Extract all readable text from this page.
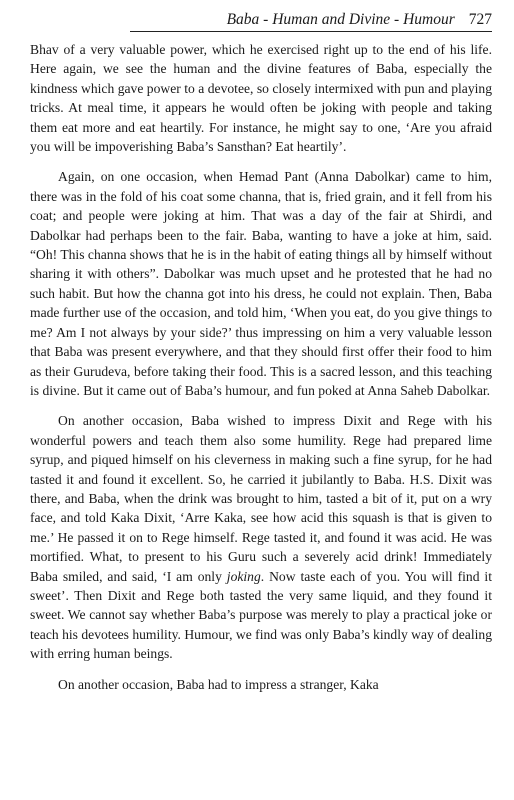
Baba - Human and Divine - Humour 727

Bhav of a very valuable power, which he exercised right up to the end of his life. Here again, we see the human and the divine features of Baba, especially the kindness which gave power to a devotee, so closely intermixed with pun and playing tricks. At meal time, it appears he would often be joking with people and taking them eat more and eat heartily. For instance, he might say to one, ‘Are you afraid you will be impoverishing Baba’s Sansthan? Eat heartily’.

Again, on one occasion, when Hemad Pant (Anna Dabolkar) came to him, there was in the fold of his coat some channa, that is, fried grain, and it fell from his coat; and people were joking at him. That was a day of the fair at Shirdi, and Dabolkar had perhaps been to the fair. Baba, wanting to have a joke at him, said. “Oh! This channa shows that he is in the habit of eating things all by himself without sharing it with others”. Dabolkar was much upset and he protested that he had no such habit. But how the channa got into his dress, he could not explain. Then, Baba made further use of the occasion, and told him, ‘When you eat, do you give things to me? Am I not always by your side?’ thus impressing on him a very valuable lesson that Baba was present everywhere, and that they should first offer their food to him as their Gurudeva, before taking their food. This is a sacred lesson, and this teaching is divine. But it came out of Baba’s humour, and fun poked at Anna Saheb Dabolkar.

On another occasion, Baba wished to impress Dixit and Rege with his wonderful powers and teach them also some humility. Rege had prepared lime syrup, and piqued himself on his cleverness in making such a fine syrup, for he had tasted it and found it excellent. So, he carried it jubilantly to Baba. H.S. Dixit was there, and Baba, when the drink was brought to him, tasted a bit of it, put on a wry face, and told Kaka Dixit, ‘Arre Kaka, see how acid this squash is that is given to me.’ He passed it on to Rege himself. Rege tasted it, and found it was acid. He was mortified. What, to present to his Guru such a severely acid drink! Immediately Baba smiled, and said, ‘I am only joking. Now taste each of you. You will find it sweet’. Then Dixit and Rege both tasted the very same liquid, and they found it sweet. We cannot say whether Baba’s purpose was merely to play a practical joke or teach his devotees humility. Humour, we find was only Baba’s kindly way of dealing with erring human beings.

On another occasion, Baba had to impress a stranger, Kaka
